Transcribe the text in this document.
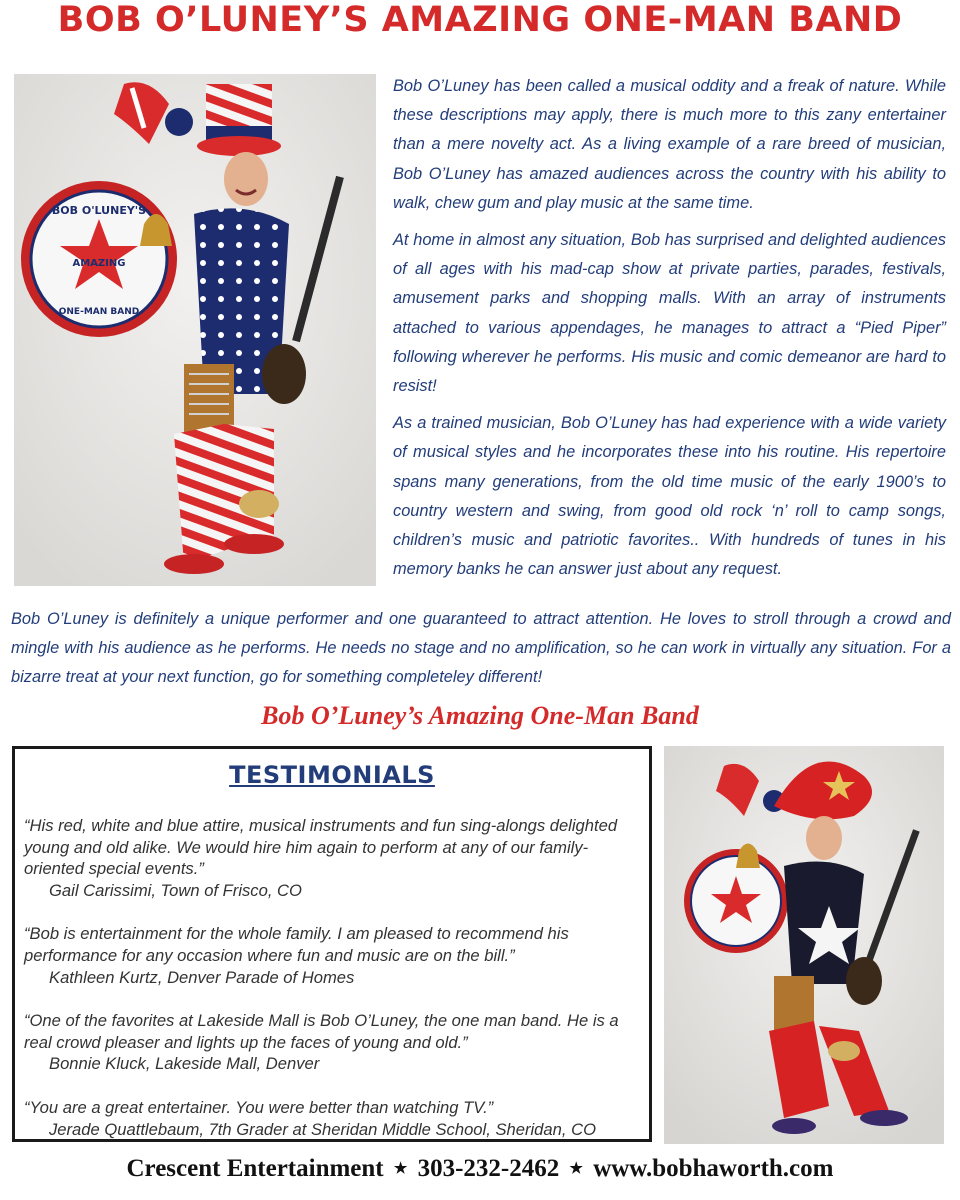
BOB O’LUNEY’S AMAZING ONE-MAN BAND
BOB O'LUNEY'S
AMAZING
ONE-MAN BAND

Bob O’Luney has been called a musical oddity and a freak of nature. While these descriptions may apply, there is much more to this zany entertainer than a mere novelty act. As a living example of a rare breed of musician, Bob O’Luney has amazed audiences across the country with his ability to walk, chew gum and play music at the same time.

At home in almost any situation, Bob has surprised and delighted audiences of all ages with his mad-cap show at private parties, parades, festivals, amusement parks and shopping malls. With an array of instruments attached to various appendages, he manages to attract a “Pied Piper” following wherever he performs. His music and comic demeanor are hard to resist!

As a trained musician, Bob O’Luney has had experience with a wide variety of musical styles and he incorporates these into his routine. His repertoire spans many generations, from the old time music of the early 1900’s to country western and swing, from good old rock ‘n’ roll to camp songs, children’s music and patriotic favorites.. With hundreds of tunes in his memory banks he can answer just about any request.

Bob O’Luney is definitely a unique performer and one guaranteed to attract attention. He loves to stroll through a crowd and mingle with his audience as he performs. He needs no stage and no amplification, so he can work in virtually any situation. For a bizarre treat at your next function, go for something completeley different!

Bob O’Luney’s Amazing One-Man Band
TESTIMONIALS
“His red, white and blue attire, musical instruments and fun sing-alongs delighted young and old alike. We would hire him again to perform at any of our family-oriented special events.”
Gail Carissimi, Town of Frisco, CO
“Bob is entertainment for the whole family. I am pleased to recommend his performance for any occasion where fun and music are on the bill.”
Kathleen Kurtz, Denver Parade of Homes
“One of the favorites at Lakeside Mall is Bob O’Luney, the one man band. He is a real crowd pleaser and lights up the faces of young and old.”
Bonnie Kluck, Lakeside Mall, Denver
“You are a great entertainer. You were better than watching TV.”
Jerade Quattlebaum, 7th Grader at Sheridan Middle School, Sheridan, CO
Crescent Entertainment ★ 303-232-2462 ★ www.bobhaworth.com
